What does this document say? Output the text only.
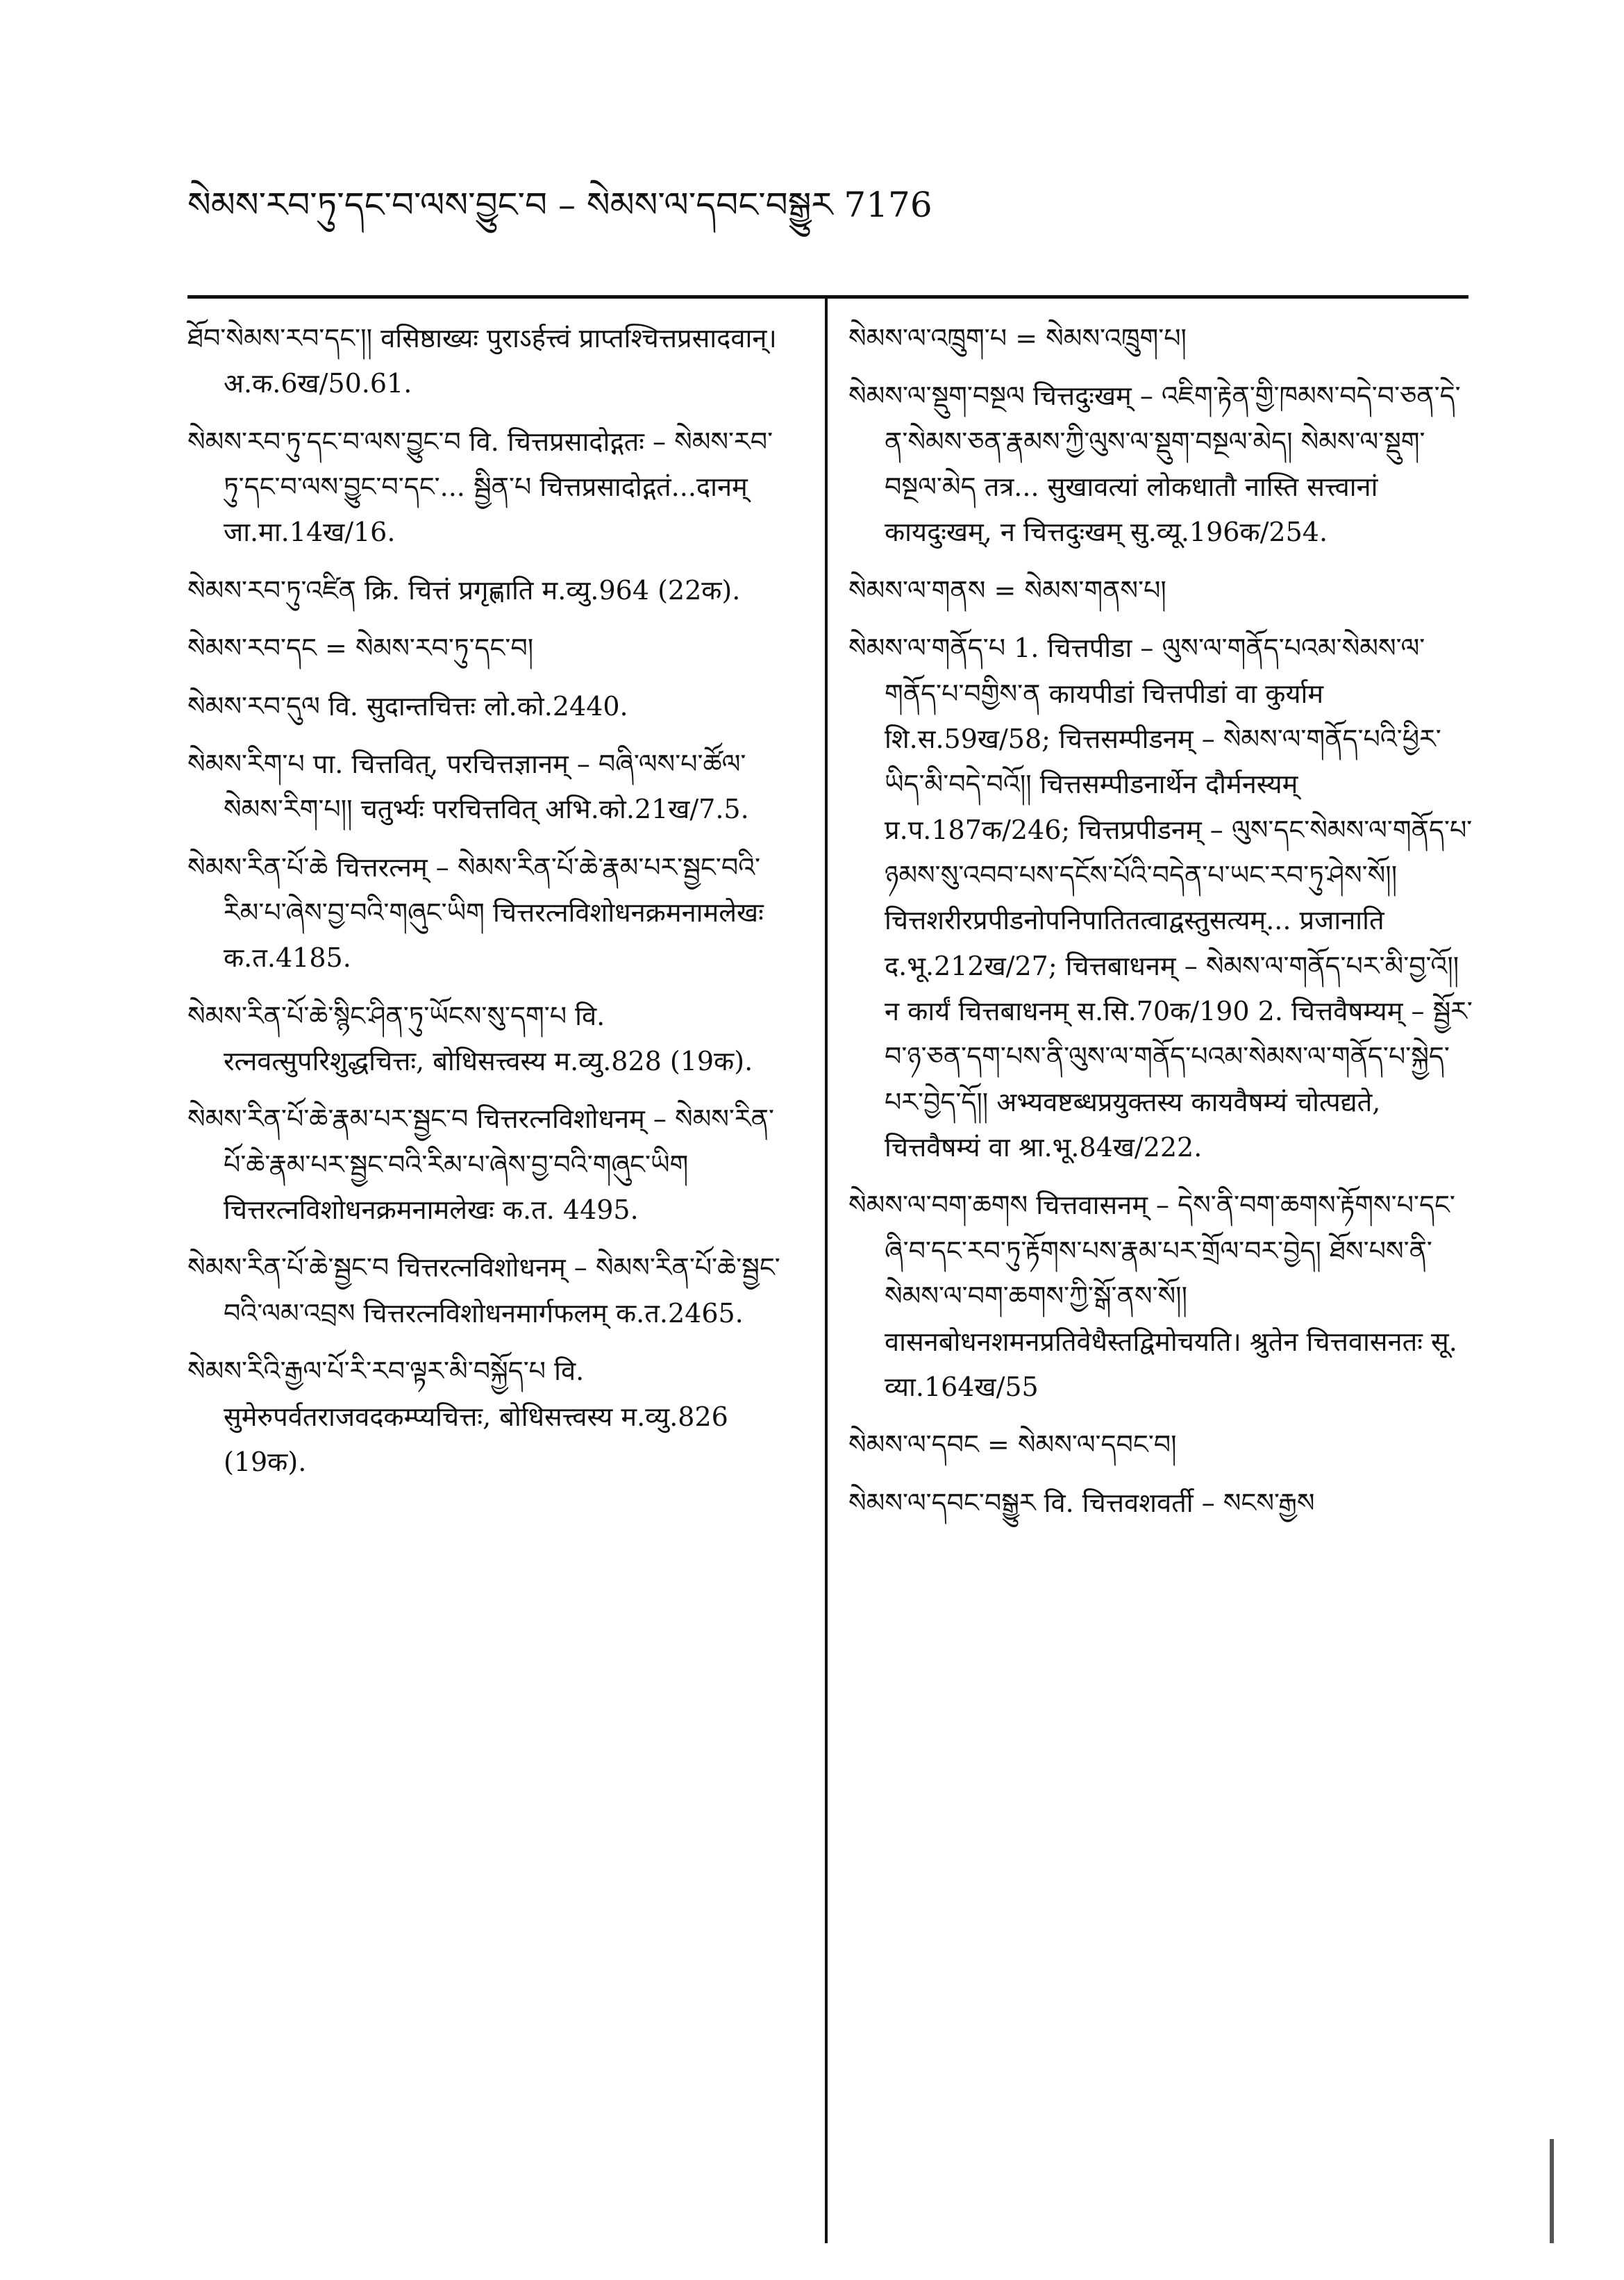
སེམས་རབ་ཏུ་དང་བ་ལས་བྱུང་བ – སེམས་ལ་དབང་བསྒྱུར 7176

ཐོབ་སེམས་རབ་དང་།། वसिष्ठाख्यः पुराऽर्हत्त्वं प्राप्तश्चित्तप्रसादवान्। अ.क.6ख/50.61.

སེམས་རབ་ཏུ་དང་བ་ལས་བྱུང་བ वि. चित्तप्रसादोद्गतः – སེམས་རབ་ཏུ་དང་བ་ལས་བྱུང་བ་དང་... སྦྱིན་པ चित्तप्रसादोद्गतं...दानम् जा.मा.14ख/16.

སེམས་རབ་ཏུ་འཛིན क्रि. चित्तं प्रगृह्णाति म.व्यु.964 (22क).

སེམས་རབ་དང = སེམས་རབ་ཏུ་དང་བ།

སེམས་རབ་དུལ वि. सुदान्तचित्तः लो.को.2440.

སེམས་རིག་པ पा. चित्तवित्, परचित्तज्ञानम् – བཞི་ལས་པ་ཚོལ་སེམས་རིག་པ།། चतुर्भ्यः परचित्तवित् अभि.को.21ख/7.5.

སེམས་རིན་པོ་ཆེ चित्तरत्नम् – སེམས་རིན་པོ་ཆེ་རྣམ་པར་སྦྱང་བའི་རིམ་པ་ཞེས་བྱ་བའི་གཞུང་ཡིག चित्तरत्नविशोधनक्रमनामलेखः क.त.4185.

སེམས་རིན་པོ་ཆེ་སྙིང་ཤིན་ཏུ་ཡོངས་སུ་དག་པ वि. रत्नवत्सुपरिशुद्धचित्तः, बोधिसत्त्वस्य म.व्यु.828 (19क).

སེམས་རིན་པོ་ཆེ་རྣམ་པར་སྦྱང་བ चित्तरत्नविशोधनम् – སེམས་རིན་པོ་ཆེ་རྣམ་པར་སྦྱང་བའི་རིམ་པ་ཞེས་བྱ་བའི་གཞུང་ཡིག चित्तरत्नविशोधनक्रमनामलेखः क.त. 4495.

སེམས་རིན་པོ་ཆེ་སྦྱང་བ चित्तरत्नविशोधनम् – སེམས་རིན་པོ་ཆེ་སྦྱང་བའི་ལམ་འབྲས चित्तरत्नविशोधनमार्गफलम् क.त.2465.

སེམས་རིའི་རྒྱལ་པོ་རི་རབ་ལྟར་མི་བསྐྱོད་པ वि. सुमेरुपर्वतराजवदकम्प्यचित्तः, बोधिसत्त्वस्य म.व्यु.826 (19क).

སེམས་ལ་འཁྲུག་པ = སེམས་འཁྲུག་པ།

སེམས་ལ་སྡུག་བསྔལ चित्तदुःखम् – འཇིག་རྟེན་གྱི་ཁམས་བདེ་བ་ཅན་དེ་ན་སེམས་ཅན་རྣམས་ཀྱི་ལུས་ལ་སྡུག་བསྔལ་མེད། སེམས་ལ་སྡུག་བསྔལ་མེད तत्र... सुखावत्यां लोकधातौ नास्ति सत्त्वानां कायदुःखम्, न चित्तदुःखम् सु.व्यू.196क/254.

སེམས་ལ་གནས = སེམས་གནས་པ།

སེམས་ལ་གནོད་པ 1. चित्तपीडा – ལུས་ལ་གནོད་པའམ་སེམས་ལ་གནོད་པ་བགྱིས་ན कायपीडां चित्तपीडां वा कुर्याम शि.स.59ख/58; चित्तसम्पीडनम् – སེམས་ལ་གནོད་པའི་ཕྱིར་ཡིད་མི་བདེ་བའོ།། चित्तसम्पीडनार्थेन दौर्मनस्यम् प्र.प.187क/246; चित्तप्रपीडनम् – ལུས་དང་སེམས་ལ་གནོད་པ་ཉམས་སུ་འབབ་པས་དངོས་པོའི་བདེན་པ་ཡང་རབ་ཏུ་ཤེས་སོ།། चित्तशरीरप्रपीडनोपनिपातितत्वाद्वस्तुसत्यम्... प्रजानाति द.भू.212ख/27; चित्तबाधनम् – སེམས་ལ་གནོད་པར་མི་བྱ་འོ།། न कार्यं चित्तबाधनम् स.सि.70क/190 2. चित्तवैषम्यम् – སྦྱོར་བ་ཉ་ཅན་དག་པས་ནི་ལུས་ལ་གནོད་པའམ་སེམས་ལ་གནོད་པ་སྐྱེད་པར་བྱེད་དོ།། अभ्यवष्टब्धप्रयुक्तस्य कायवैषम्यं चोत्पद्यते, चित्तवैषम्यं वा श्रा.भू.84ख/222.

སེམས་ལ་བག་ཆགས चित्तवासनम् – དེས་ནི་བག་ཆགས་རྟོགས་པ་དང་ཞི་བ་དང་རབ་ཏུ་རྟོགས་པས་རྣམ་པར་གྲོལ་བར་བྱེད། ཐོས་པས་ནི་སེམས་ལ་བག་ཆགས་ཀྱི་སྒོ་ནས་སོ།། वासनबोधनशमनप्रतिवेधैस्तद्विमोचयति। श्रुतेन चित्तवासनतः सू. व्या.164ख/55

སེམས་ལ་དབང = སེམས་ལ་དབང་བ།

སེམས་ལ་དབང་བསྒྱུར वि. चित्तवशवर्ती – སངས་རྒྱས
